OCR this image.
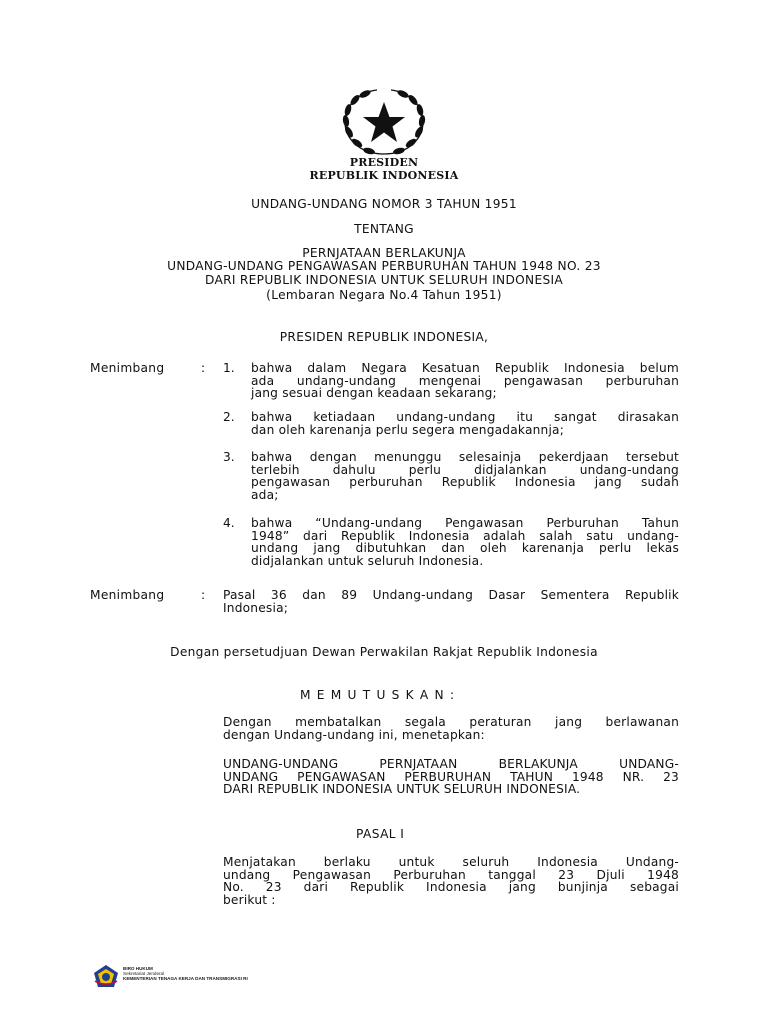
PRESIDEN
REPUBLIK INDONESIA
UNDANG-UNDANG NOMOR 3 TAHUN 1951
TENTANG
PERNJATAAN BERLAKUNJA
UNDANG-UNDANG PENGAWASAN PERBURUHAN TAHUN 1948 NO. 23
DARI REPUBLIK INDONESIA UNTUK SELURUH INDONESIA
(Lembaran Negara No.4 Tahun 1951)
PRESIDEN REPUBLIK INDONESIA,
Menimbang	: 1. bahwa dalam Negara Kesatuan Republik Indonesia belum
ada undang-undang mengenai pengawasan perburuhan
jang sesuai dengan keadaan sekarang;
2. bahwa ketiadaan undang-undang itu sangat dirasakan
dan oleh karenanja perlu segera mengadakannja;
3. bahwa dengan menunggu selesainja pekerdjaan tersebut
terlebih dahulu perlu didjalankan undang-undang
pengawasan perburuhan Republik Indonesia jang sudah
ada;
4. bahwa “Undang-undang Pengawasan Perburuhan Tahun
1948” dari Republik Indonesia adalah salah satu undang-
undang jang dibutuhkan dan oleh karenanja perlu lekas
didjalankan untuk seluruh Indonesia.
Menimbang	: Pasal 36 dan 89 Undang-undang Dasar Sementera Republik
Indonesia;
Dengan persetudjuan Dewan Perwakilan Rakjat Republik Indonesia
M E M U T U S K A N :
Dengan membatalkan segala peraturan jang berlawanan
dengan Undang-undang ini, menetapkan:
UNDANG-UNDANG PERNJATAAN BERLAKUNJA UNDANG-
UNDANG PENGAWASAN PERBURUHAN TAHUN 1948 NR. 23
DARI REPUBLIK INDONESIA UNTUK SELURUH INDONESIA.
PASAL I
Menjatakan berlaku untuk seluruh Indonesia Undang-
undang Pengawasan Perburuhan tanggal 23 Djuli 1948
No. 23 dari Republik Indonesia jang bunjinja sebagai
berikut :
BIRO HUKUM
Sekretariat Jenderal
KEMENTERIAN TENAGA KERJA DAN TRANSMIGRASI RI
